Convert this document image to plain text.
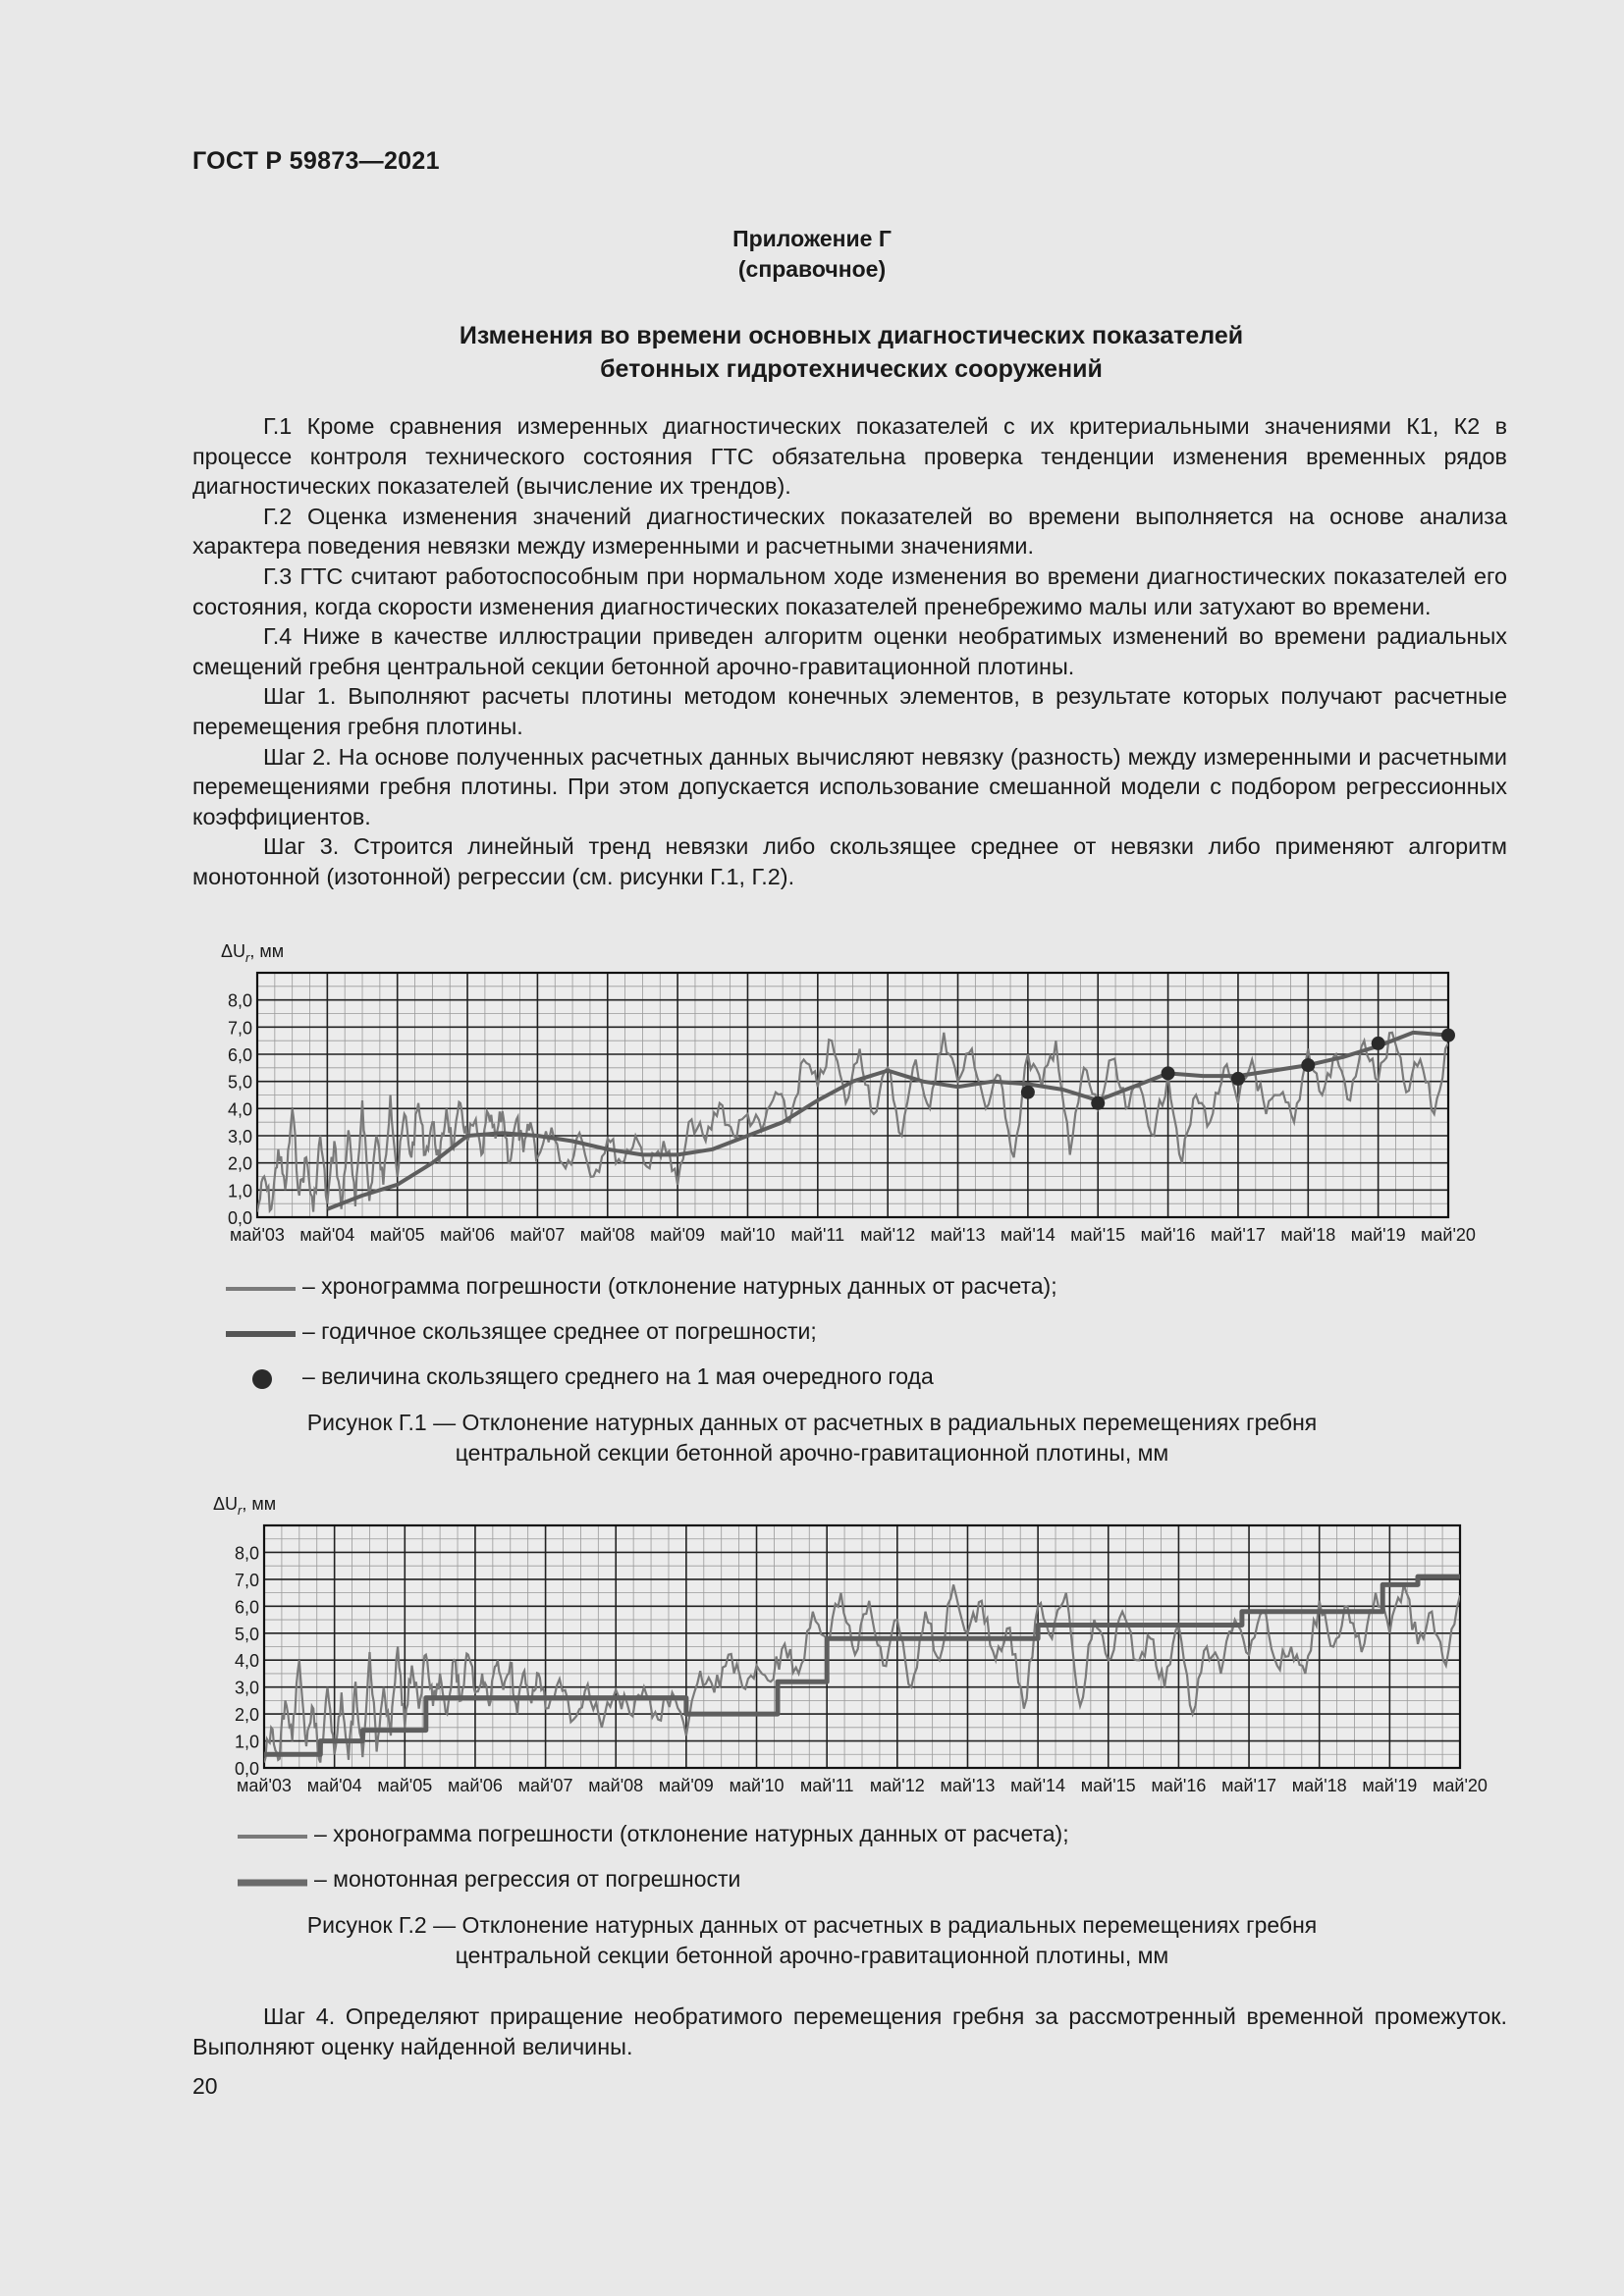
ГОСТ Р 59873—2021
Приложение Г
(справочное)
Изменения во времени основных диагностических показателей
бетонных гидротехнических сооружений

Г.1 Кроме сравнения измеренных диагностических показателей с их критериальными значениями К1, К2 в процессе контроля технического состояния ГТС обязательна проверка тенденции изменения временных рядов диагностических показателей (вычисление их трендов).

Г.2 Оценка изменения значений диагностических показателей во времени выполняется на основе анализа характера поведения невязки между измеренными и расчетными значениями.

Г.3 ГТС считают работоспособным при нормальном ходе изменения во времени диагностических показателей его состояния, когда скорости изменения диагностических показателей пренебрежимо малы или затухают во времени.

Г.4 Ниже в качестве иллюстрации приведен алгоритм оценки необратимых изменений во времени радиальных смещений гребня центральной секции бетонной арочно-гравитационной плотины.

Шаг 1. Выполняют расчеты плотины методом конечных элементов, в результате которых получают расчетные перемещения гребня плотины.

Шаг 2. На основе полученных расчетных данных вычисляют невязку (разность) между измеренными и расчетными перемещениями гребня плотины. При этом допускается использование смешанной модели с подбором регрессионных коэффициентов.

Шаг 3. Строится линейный тренд невязки либо скользящее среднее от невязки либо применяют алгоритм монотонной (изотонной) регрессии (см. рисунки Г.1, Г.2).

0,0
1,0
2,0
3,0
4,0
5,0
6,0
7,0
8,0
май'03 май'04 май'05 май'06 май'07 май'08 май'09 май'10 май'11 май'12 май'13 май'14 май'15 май'16 май'17 май'18 май'19 май'20
$\Delta U_r$, мм
– хронограмма погрешности (отклонение натурных данных от расчета);
– годичное скользящее среднее от погрешности;
– величина скользящего среднего на 1 мая очередного года
Рисунок Г.1 — Отклонение натурных данных от расчетных в радиальных перемещениях гребня
центральной секции бетонной арочно-гравитационной плотины, мм
0,0
1,0
2,0
3,0
4,0
5,0
6,0
7,0
8,0
май'03 май'04 май'05 май'06 май'07 май'08 май'09 май'10 май'11 май'12 май'13 май'14 май'15 май'16 май'17 май'18 май'19 май'20
$\Delta U_r$, мм
– хронограмма погрешности (отклонение натурных данных от расчета);
– монотонная регрессия от погрешности
Рисунок Г.2 — Отклонение натурных данных от расчетных в радиальных перемещениях гребня
центральной секции бетонной арочно-гравитационной плотины, мм

Шаг 4. Определяют приращение необратимого перемещения гребня за рассмотренный временной промежуток. Выполняют оценку найденной величины.

20
